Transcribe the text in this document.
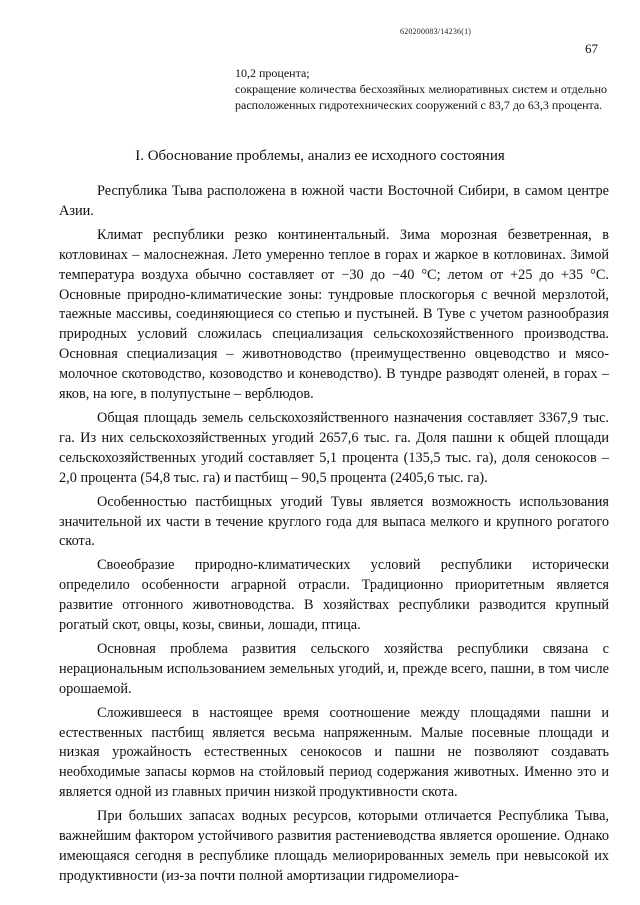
620200083/14236(1)
67

10,2 процента;

сокращение количества бесхозяйных мелиоративных систем и отдельно расположенных гидротехнических сооружений с 83,7 до 63,3 процента.

I. Обоснование проблемы, анализ ее исходного состояния

Республика Тыва расположена в южной части Восточной Сибири, в самом центре Азии.

Климат республики резко континентальный. Зима морозная безветренная, в котловинах – малоснежная. Лето умеренно теплое в горах и жаркое в котловинах. Зимой температура воздуха обычно составляет от −30 до −40 °С; летом от +25 до +35 °С. Основные природно-климатические зоны: тундровые плоскогорья с вечной мерзлотой, таежные массивы, соединяющиеся со степью и пустыней. В Туве с учетом разнообразия природных условий сложилась специализация сельскохозяйственного производства. Основная специализация – животноводство (преимущественно овцеводство и мясо-молочное скотоводство, козоводство и коневодство). В тундре разводят оленей, в горах – яков, на юге, в полупустыне – верблюдов.

Общая площадь земель сельскохозяйственного назначения составляет 3367,9 тыс. га. Из них сельскохозяйственных угодий 2657,6 тыс. га. Доля пашни к общей площади сельскохозяйственных угодий составляет 5,1 процента (135,5 тыс. га), доля сенокосов – 2,0 процента (54,8 тыс. га) и пастбищ – 90,5 процента (2405,6 тыс. га).

Особенностью пастбищных угодий Тувы является возможность использования значительной их части в течение круглого года для выпаса мелкого и крупного рогатого скота.

Своеобразие природно-климатических условий республики исторически определило особенности аграрной отрасли. Традиционно приоритетным является развитие отгонного животноводства. В хозяйствах республики разводится крупный рогатый скот, овцы, козы, свиньи, лошади, птица.

Основная проблема развития сельского хозяйства республики связана с нерациональным использованием земельных угодий, и, прежде всего, пашни, в том числе орошаемой.

Сложившееся в настоящее время соотношение между площадями пашни и естественных пастбищ является весьма напряженным. Малые посевные площади и низкая урожайность естественных сенокосов и пашни не позволяют создавать необходимые запасы кормов на стойловый период содержания животных. Именно это и является одной из главных причин низкой продуктивности скота.

При больших запасах водных ресурсов, которыми отличается Республика Тыва, важнейшим фактором устойчивого развития растениеводства является орошение. Однако имеющаяся сегодня в республике площадь мелиорированных земель при невысокой их продуктивности (из-за почти полной амортизации гидромелиора-
